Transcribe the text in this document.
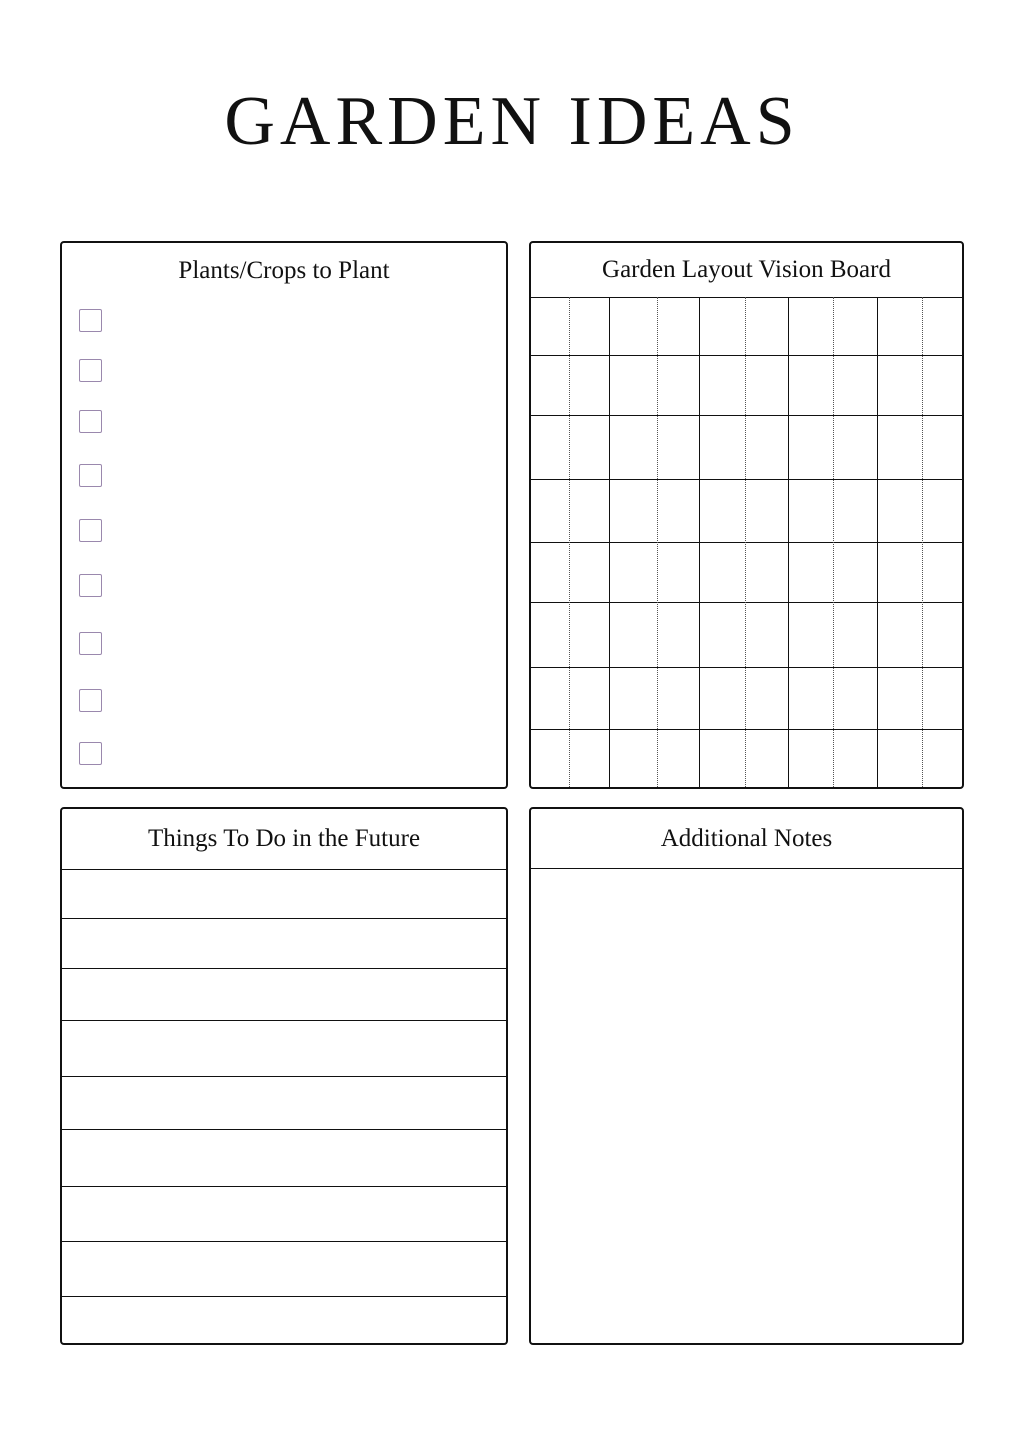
GARDEN IDEAS
Plants/Crops to Plant	Garden Layout Vision Board
Things To Do in the Future	Additional Notes
